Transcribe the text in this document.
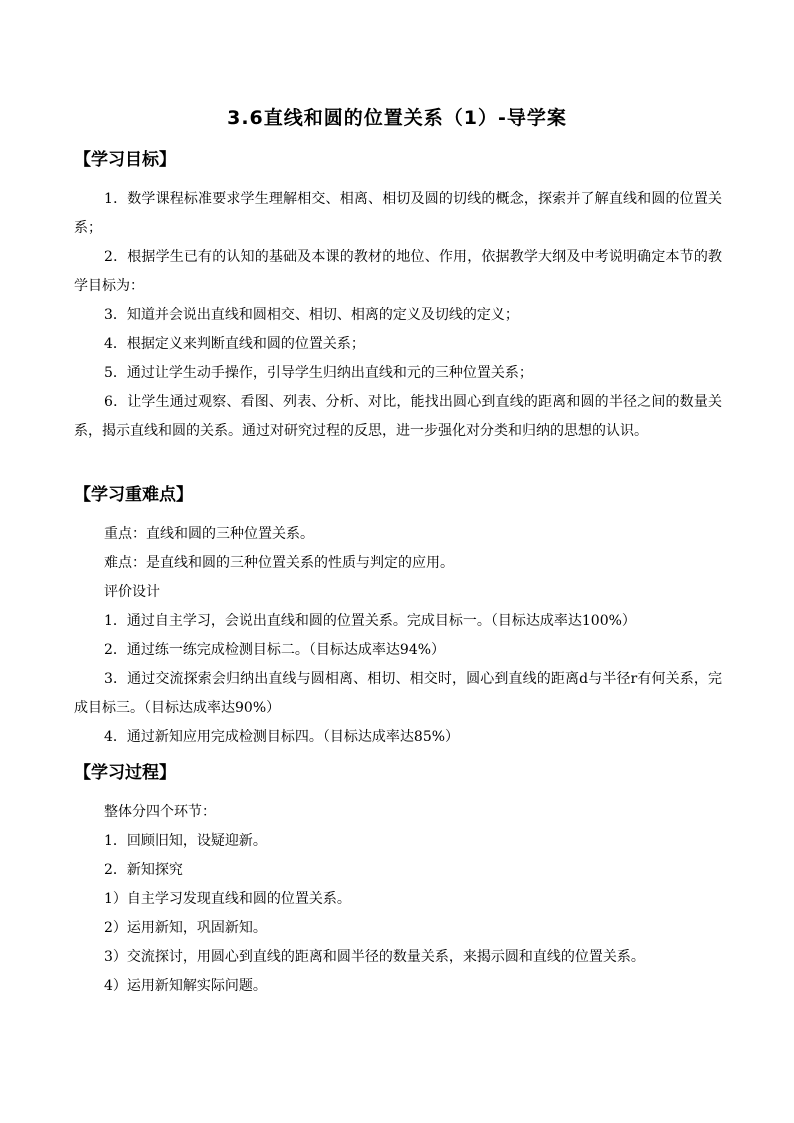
3.6直线和圆的位置关系（1）-导学案
【学习目标】

1．数学课程标准要求学生理解相交、相离、相切及圆的切线的概念，探索并了解直线和圆的位置关系；

2．根据学生已有的认知的基础及本课的教材的地位、作用，依据教学大纲及中考说明确定本节的教学目标为：

3．知道并会说出直线和圆相交、相切、相离的定义及切线的定义；

4．根据定义来判断直线和圆的位置关系；

5．通过让学生动手操作，引导学生归纳出直线和元的三种位置关系；

6．让学生通过观察、看图、列表、分析、对比，能找出圆心到直线的距离和圆的半径之间的数量关系，揭示直线和圆的关系。通过对研究过程的反思，进一步强化对分类和归纳的思想的认识。

【学习重难点】

重点：直线和圆的三种位置关系。

难点：是直线和圆的三种位置关系的性质与判定的应用。

评价设计

1．通过自主学习，会说出直线和圆的位置关系。完成目标一。（目标达成率达100%）

2．通过练一练完成检测目标二。（目标达成率达94%）

3．通过交流探索会归纳出直线与圆相离、相切、相交时，圆心到直线的距离d与半径r有何关系，完成目标三。（目标达成率达90%）

4．通过新知应用完成检测目标四。（目标达成率达85%）

【学习过程】

整体分四个环节：

1．回顾旧知，设疑迎新。

2．新知探究

1）自主学习发现直线和圆的位置关系。

2）运用新知，巩固新知。

3）交流探讨，用圆心到直线的距离和圆半径的数量关系，来揭示圆和直线的位置关系。

4）运用新知解实际问题。
